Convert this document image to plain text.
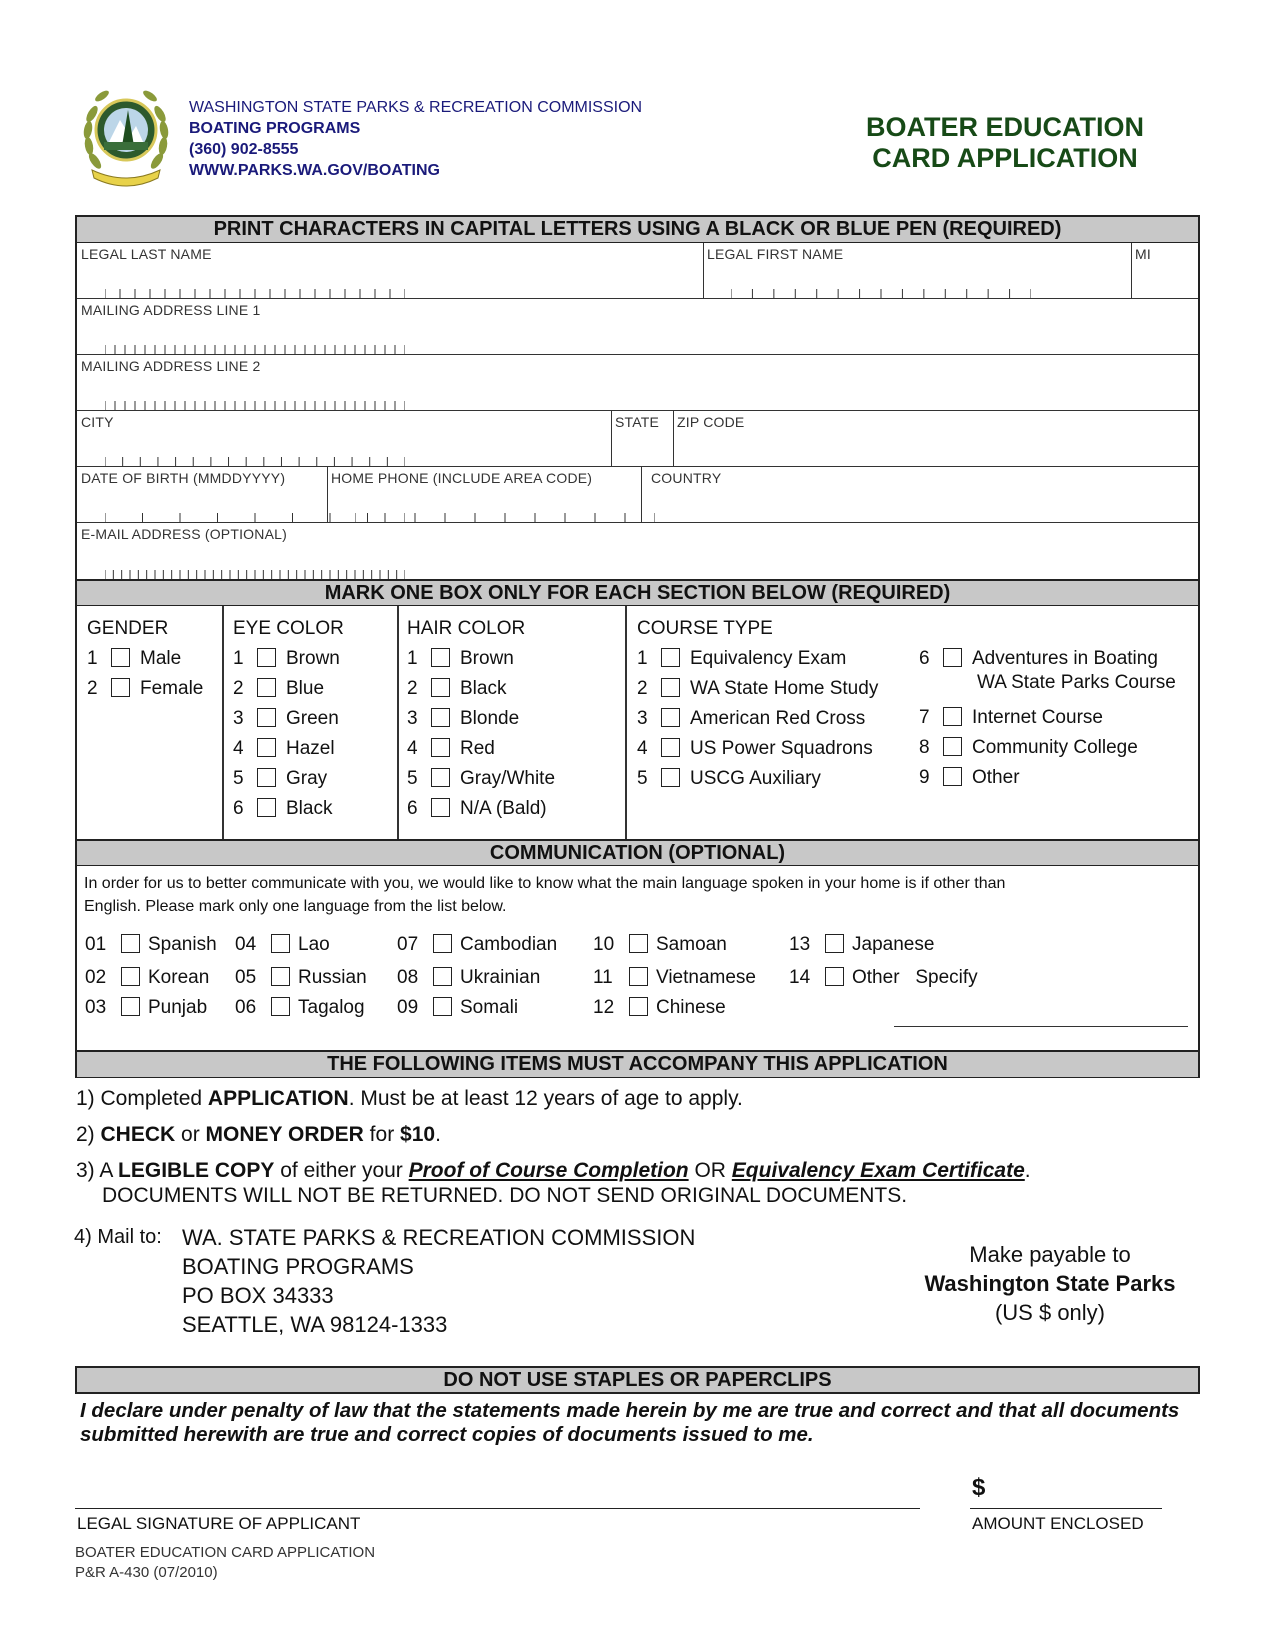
WASHINGTON STATE PARKS & RECREATION COMMISSION
BOATING PROGRAMS
(360) 902-8555
WWW.PARKS.WA.GOV/BOATING
BOATER EDUCATION
CARD APPLICATION
PRINT CHARACTERS IN CAPITAL LETTERS USING A BLACK OR BLUE PEN (REQUIRED)
LEGAL LAST NAME	LEGAL FIRST NAME	MI
MAILING ADDRESS LINE 1
MAILING ADDRESS LINE 2
CITY	STATE ZIP CODE
DATE OF BIRTH (MMDDYYYY)	HOME PHONE (INCLUDE AREA CODE)	COUNTRY
E-MAIL ADDRESS (OPTIONAL)
MARK ONE BOX ONLY FOR EACH SECTION BELOW (REQUIRED)
GENDER
1 Male
2 Female
EYE COLOR
1 Brown
2 Blue
3 Green
4 Hazel
5 Gray
6 Black
HAIR COLOR
1 Brown
2 Black
3 Blonde
4 Red
5 Gray/White
6 N/A (Bald)
COURSE TYPE
1 Equivalency Exam
2 WA State Home Study
3 American Red Cross
4 US Power Squadrons
5 USCG Auxiliary
6 Adventures in Boating
WA State Parks Course
7 Internet Course
8 Community College
9 Other
COMMUNICATION (OPTIONAL)
In order for us to better communicate with you, we would like to know what the main language spoken in your home is if other than
English. Please mark only one language from the list below.
01 Spanish
02 Korean
03 Punjab
04 Lao
05 Russian
06 Tagalog
07 Cambodian
08 Ukrainian
09 Somali
10 Samoan
11 Vietnamese
12 Chinese
13 Japanese
14 Other   Specify
THE FOLLOWING ITEMS MUST ACCOMPANY THIS APPLICATION
1) Completed APPLICATION. Must be at least 12 years of age to apply.
2) CHECK or MONEY ORDER for $10.
3) A LEGIBLE COPY of either your Proof of Course Completion OR Equivalency Exam Certificate.
DOCUMENTS WILL NOT BE RETURNED. DO NOT SEND ORIGINAL DOCUMENTS.
4) Mail to: WA. STATE PARKS & RECREATION COMMISSION
BOATING PROGRAMS
PO BOX 34333
SEATTLE, WA 98124-1333
Make payable to
Washington State Parks
(US $ only)
DO NOT USE STAPLES OR PAPERCLIPS
I declare under penalty of law that the statements made herein by me are true and correct and that all documents submitted herewith are true and correct copies of documents issued to me.
LEGAL SIGNATURE OF APPLICANT
$
AMOUNT ENCLOSED
BOATER EDUCATION CARD APPLICATION
P&R A-430 (07/2010)
